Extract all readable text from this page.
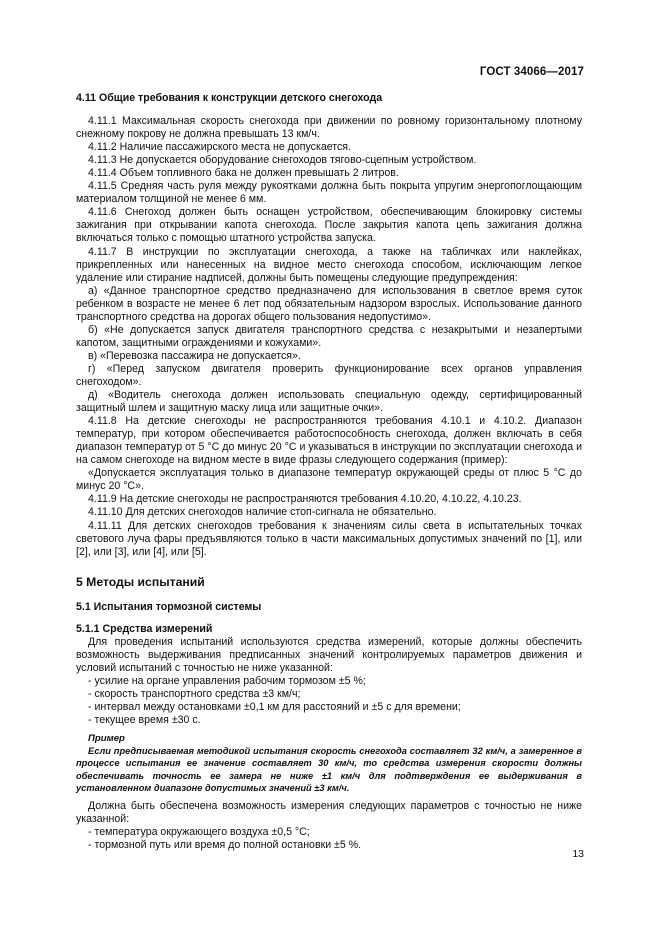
ГОСТ 34066—2017

4.11 Общие требования к конструкции детского снегохода

4.11.1 Максимальная скорость снегохода при движении по ровному горизонтальному плотному снежному покрову не должна превышать 13 км/ч.

4.11.2 Наличие пассажирского места не допускается.

4.11.3 Не допускается оборудование снегоходов тягово-сцепным устройством.

4.11.4 Объем топливного бака не должен превышать 2 литров.

4.11.5 Средняя часть руля между рукоятками должна быть покрыта упругим энергопоглощающим материалом толщиной не менее 6 мм.

4.11.6 Снегоход должен быть оснащен устройством, обеспечивающим блокировку системы зажигания при открывании капота снегохода. После закрытия капота цепь зажигания должна включаться только с помощью штатного устройства запуска.

4.11.7 В инструкции по эксплуатации снегохода, а также на табличках или наклейках, прикрепленных или нанесенных на видное место снегохода способом, исключающим легкое удаление или стирание надписей, должны быть помещены следующие предупреждения:

а) «Данное транспортное средство предназначено для использования в светлое время суток ребенком в возрасте не менее 6 лет под обязательным надзором взрослых. Использование данного транспортного средства на дорогах общего пользования недопустимо».

б) «Не допускается запуск двигателя транспортного средства с незакрытыми и незапертыми капотом, защитными ограждениями и кожухами».

в) «Перевозка пассажира не допускается».

г) «Перед запуском двигателя проверить функционирование всех органов управления снегоходом».

д) «Водитель снегохода должен использовать специальную одежду, сертифицированный защитный шлем и защитную маску лица или защитные очки».

4.11.8 На детские снегоходы не распространяются требования 4.10.1 и 4.10.2. Диапазон температур, при котором обеспечивается работоспособность снегохода, должен включать в себя диапазон температур от 5 °С до минус 20 °С и указываться в инструкции по эксплуатации снегохода и на самом снегоходе на видном месте в виде фразы следующего содержания (пример):

«Допускается эксплуатация только в диапазоне температур окружающей среды от плюс 5 °С до минус 20 °С».

4.11.9 На детские снегоходы не распространяются требования 4.10.20, 4.10.22, 4.10.23.

4.11.10 Для детских снегоходов наличие стоп-сигнала не обязательно.

4.11.11 Для детских снегоходов требования к значениям силы света в испытательных точках светового луча фары предъявляются только в части максимальных допустимых значений по [1], или [2], или [3], или [4], или [5].

5 Методы испытаний

5.1 Испытания тормозной системы

5.1.1 Средства измерений

Для проведения испытаний используются средства измерений, которые должны обеспечить возможность выдерживания предписанных значений контролируемых параметров движения и условий испытаний с точностью не ниже указанной:

- усилие на органе управления рабочим тормозом ±5 %;

- скорость транспортного средства ±3 км/ч;

- интервал между остановками ±0,1 км для расстояний и ±5 с для времени;

- текущее время ±30 с.

Пример

Если предписываемая методикой испытания скорость снегохода составляет 32 км/ч, а замеренное в процессе испытания ее значение составляет 30 км/ч, то средства измерения скорости должны обеспечивать точность ее замера не ниже ±1 км/ч для подтверждения ее выдерживания в установленном диапазоне допустимых значений ±3 км/ч.

Должна быть обеспечена возможность измерения следующих параметров с точностью не ниже указанной:

- температура окружающего воздуха ±0,5 °С;

- тормозной путь или время до полной остановки ±5 %.

13
